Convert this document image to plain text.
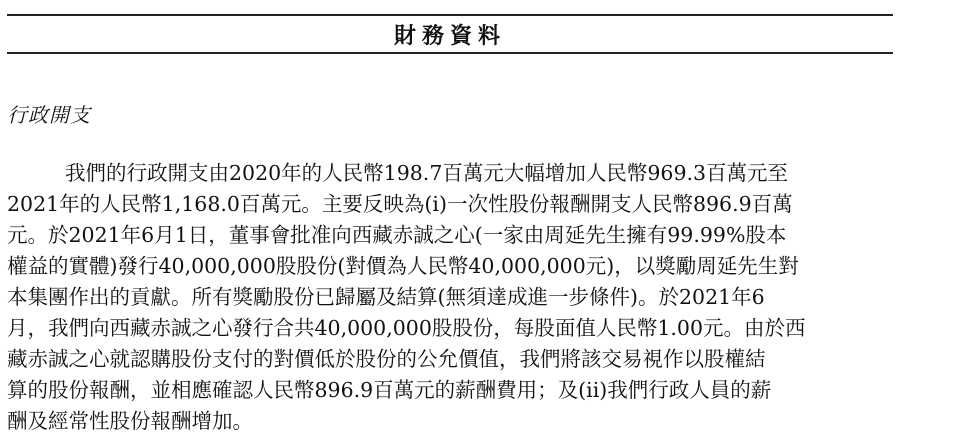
財務資料
行政開支
我們的行政開支由2020年的人民幣198.7百萬元大幅增加人民幣969.3百萬元至
2021年的人民幣1,168.0百萬元。主要反映為(i)一次性股份報酬開支人民幣896.9百萬
元。於2021年6月1日，董事會批准向西藏赤誠之心(一家由周延先生擁有99.99%股本
權益的實體)發行40,000,000股股份(對價為人民幣40,000,000元)，以獎勵周延先生對
本集團作出的貢獻。所有獎勵股份已歸屬及結算(無須達成進一步條件)。於2021年6
月，我們向西藏赤誠之心發行合共40,000,000股股份，每股面值人民幣1.00元。由於西
藏赤誠之心就認購股份支付的對價低於股份的公允價值，我們將該交易視作以股權結
算的股份報酬，並相應確認人民幣896.9百萬元的薪酬費用；及(ii)我們行政人員的薪
酬及經常性股份報酬增加。
